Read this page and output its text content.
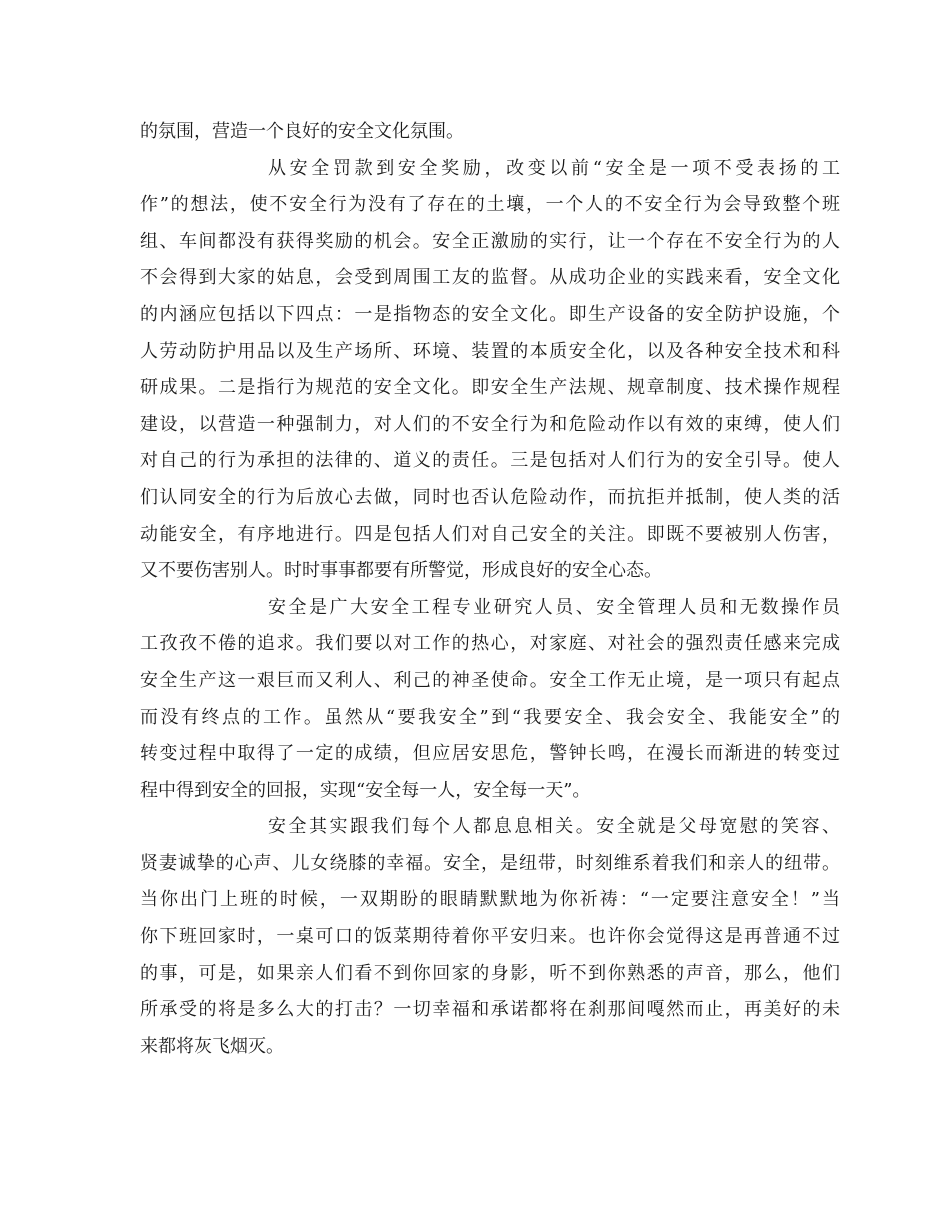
的氛围，营造一个良好的安全文化氛围。
从安全罚款到安全奖励，改变以前“安全是一项不受表扬的工
作”的想法，使不安全行为没有了存在的土壤，一个人的不安全行为会导致整个班
组、车间都没有获得奖励的机会。安全正激励的实行，让一个存在不安全行为的人
不会得到大家的姑息，会受到周围工友的监督。从成功企业的实践来看，安全文化
的内涵应包括以下四点：一是指物态的安全文化。即生产设备的安全防护设施，个
人劳动防护用品以及生产场所、环境、装置的本质安全化，以及各种安全技术和科
研成果。二是指行为规范的安全文化。即安全生产法规、规章制度、技术操作规程
建设，以营造一种强制力，对人们的不安全行为和危险动作以有效的束缚，使人们
对自己的行为承担的法律的、道义的责任。三是包括对人们行为的安全引导。使人
们认同安全的行为后放心去做，同时也否认危险动作，而抗拒并抵制，使人类的活
动能安全，有序地进行。四是包括人们对自己安全的关注。即既不要被别人伤害，
又不要伤害别人。时时事事都要有所警觉，形成良好的安全心态。
安全是广大安全工程专业研究人员、安全管理人员和无数操作员
工孜孜不倦的追求。我们要以对工作的热心，对家庭、对社会的强烈责任感来完成
安全生产这一艰巨而又利人、利己的神圣使命。安全工作无止境，是一项只有起点
而没有终点的工作。虽然从“要我安全”到“我要安全、我会安全、我能安全”的
转变过程中取得了一定的成绩，但应居安思危，警钟长鸣，在漫长而渐进的转变过
程中得到安全的回报，实现“安全每一人，安全每一天”。
安全其实跟我们每个人都息息相关。安全就是父母宽慰的笑容、
贤妻诚挚的心声、儿女绕膝的幸福。安全，是纽带，时刻维系着我们和亲人的纽带。
当你出门上班的时候，一双期盼的眼睛默默地为你祈祷：“一定要注意安全！”当
你下班回家时，一桌可口的饭菜期待着你平安归来。也许你会觉得这是再普通不过
的事，可是，如果亲人们看不到你回家的身影，听不到你熟悉的声音，那么，他们
所承受的将是多么大的打击？一切幸福和承诺都将在刹那间嘎然而止，再美好的未
来都将灰飞烟灭。
